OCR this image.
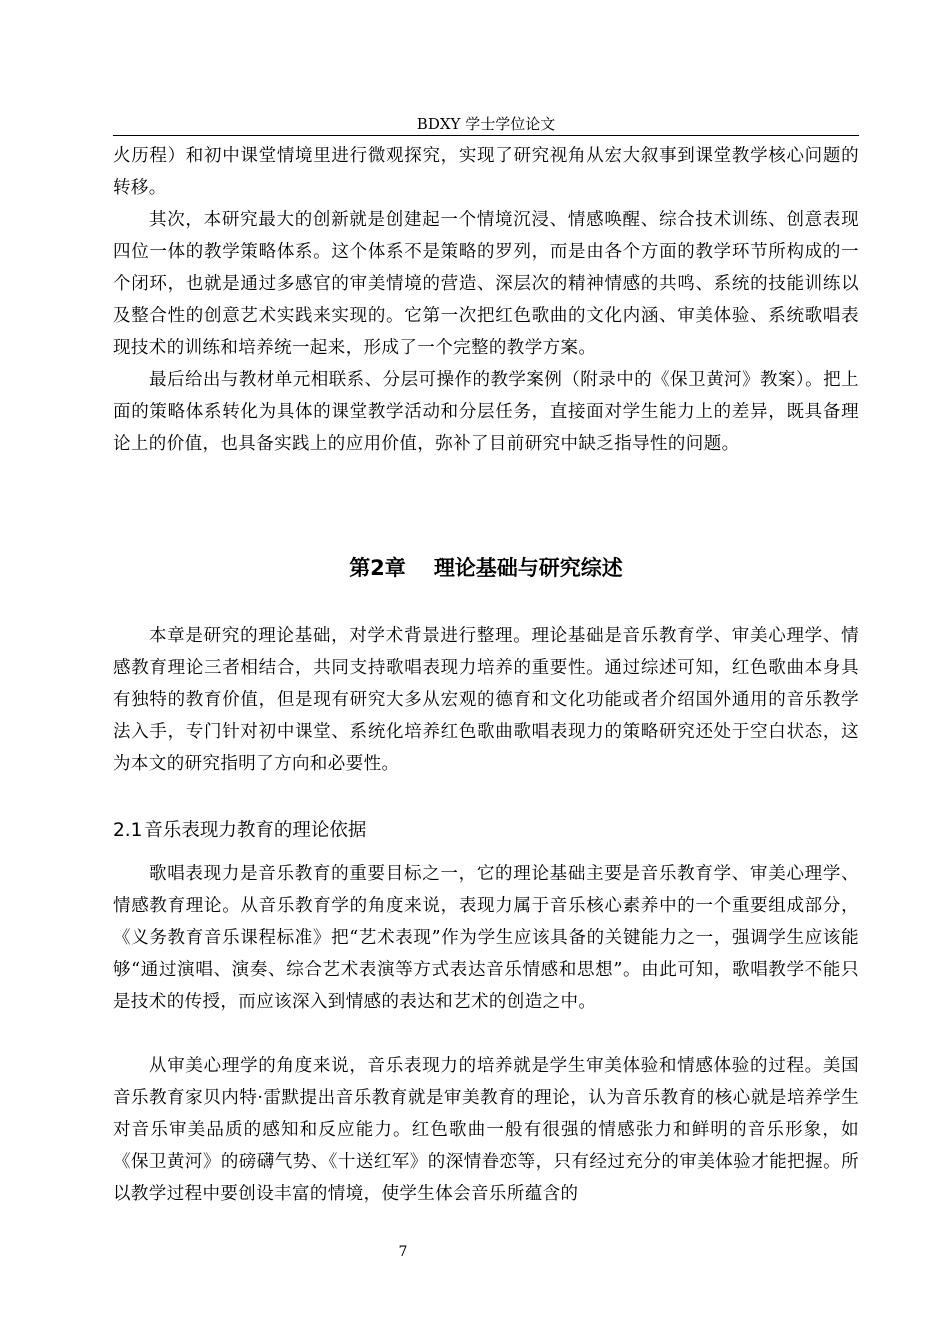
BDXY 学士学位论文

火历程）和初中课堂情境里进行微观探究，实现了研究视角从宏大叙事到课堂教学核心问题的转移。

其次，本研究最大的创新就是创建起一个情境沉浸、情感唤醒、综合技术训练、创意表现四位一体的教学策略体系。这个体系不是策略的罗列，而是由各个方面的教学环节所构成的一个闭环，也就是通过多感官的审美情境的营造、深层次的精神情感的共鸣、系统的技能训练以及整合性的创意艺术实践来实现的。它第一次把红色歌曲的文化内涵、审美体验、系统歌唱表现技术的训练和培养统一起来，形成了一个完整的教学方案。

最后给出与教材单元相联系、分层可操作的教学案例（附录中的《保卫黄河》教案）。把上面的策略体系转化为具体的课堂教学活动和分层任务，直接面对学生能力上的差异，既具备理论上的价值，也具备实践上的应用价值，弥补了目前研究中缺乏指导性的问题。

第2章 理论基础与研究综述

本章是研究的理论基础，对学术背景进行整理。理论基础是音乐教育学、审美心理学、情感教育理论三者相结合，共同支持歌唱表现力培养的重要性。通过综述可知，红色歌曲本身具有独特的教育价值，但是现有研究大多从宏观的德育和文化功能或者介绍国外通用的音乐教学法入手，专门针对初中课堂、系统化培养红色歌曲歌唱表现力的策略研究还处于空白状态，这为本文的研究指明了方向和必要性。

2.1 音乐表现力教育的理论依据

歌唱表现力是音乐教育的重要目标之一，它的理论基础主要是音乐教育学、审美心理学、情感教育理论。从音乐教育学的角度来说，表现力属于音乐核心素养中的一个重要组成部分，《义务教育音乐课程标准》把“艺术表现”作为学生应该具备的关键能力之一，强调学生应该能够“通过演唱、演奏、综合艺术表演等方式表达音乐情感和思想”。由此可知，歌唱教学不能只是技术的传授，而应该深入到情感的表达和艺术的创造之中。

从审美心理学的角度来说，音乐表现力的培养就是学生审美体验和情感体验的过程。美国音乐教育家贝内特·雷默提出音乐教育就是审美教育的理论，认为音乐教育的核心就是培养学生对音乐审美品质的感知和反应能力。红色歌曲一般有很强的情感张力和鲜明的音乐形象，如《保卫黄河》的磅礴气势、《十送红军》的深情眷恋等，只有经过充分的审美体验才能把握。所以教学过程中要创设丰富的情境，使学生体会音乐所蕴含的

7
